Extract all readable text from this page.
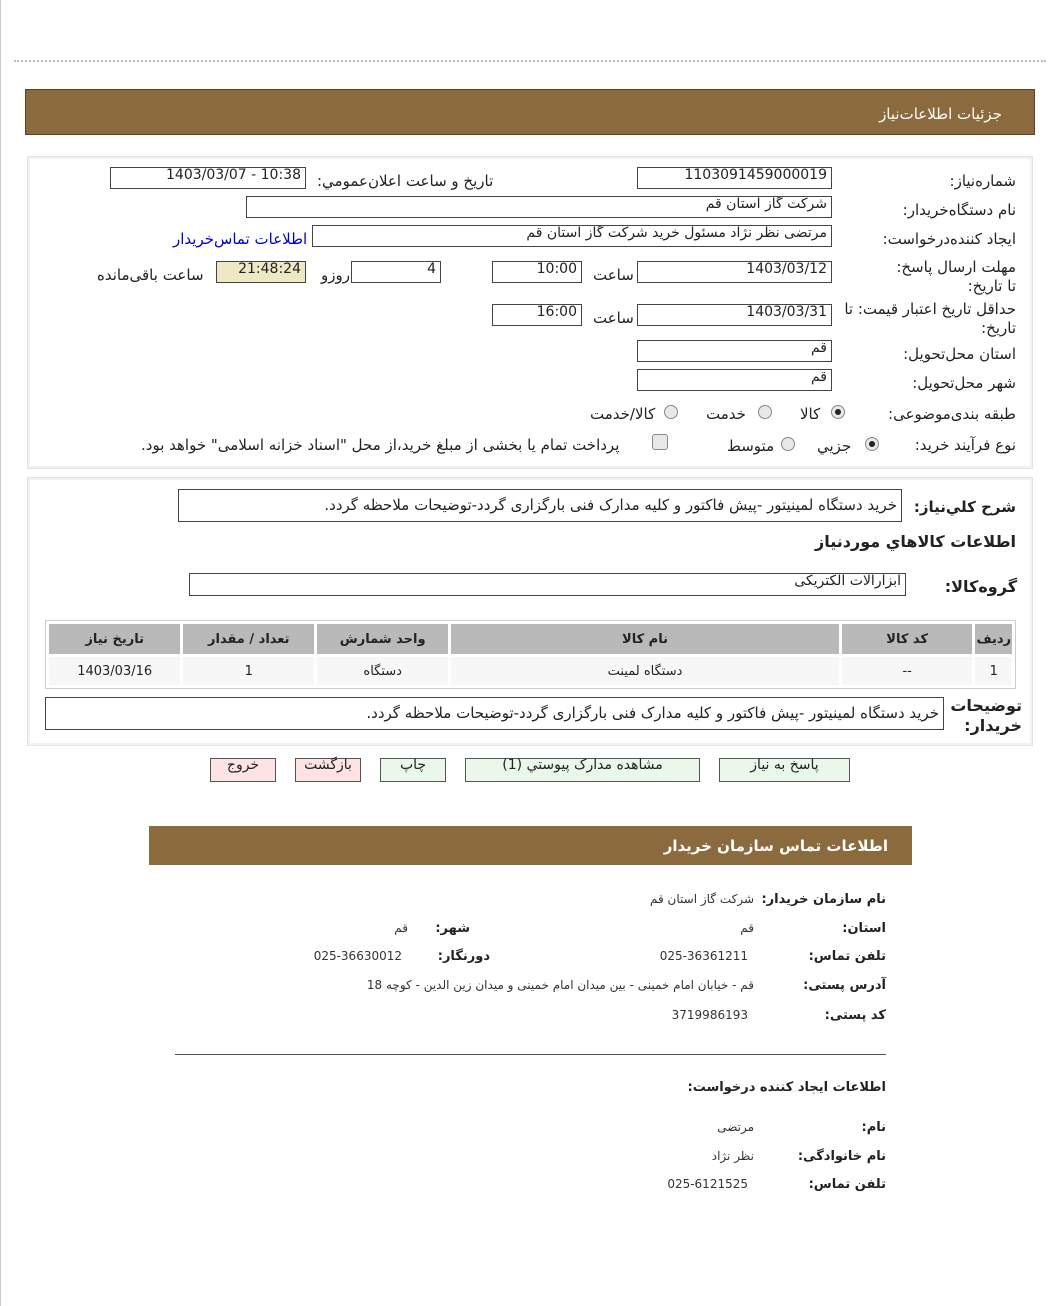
جزئیات اطلاعات‌نیاز
شماره‌نیاز:
1103091459000019
تاريخ و ساعت اعلان‌عمومي:
1403/03/07 - 10:38
نام دستگاه‌خريدار:
شرکت گاز استان قم
ایجاد کننده‌درخواست:
مرتضی نظر نژاد مسئول خرید شرکت گاز استان قم
اطلاعات تماس‌خريدار
مهلت ارسال پاسخ: تا تاریخ:
1403/03/12
ساعت
10:00
4
روزو
21:48:24
ساعت باقی‌مانده
حداقل تاریخ اعتبار قیمت: تا تاریخ:
1403/03/31
ساعت
16:00
استان محل‌تحویل:
قم
شهر محل‌تحویل:
قم
طبقه بندی‌موضوعی:
کالا
خدمت
کالا/خدمت
نوع فرآیند خرید:
جزيي
متوسط
پرداخت تمام یا بخشی از مبلغ خرید،از محل "اسناد خزانه اسلامی" خواهد بود.
شرح کلي‌نياز:
خرید دستگاه لمینیتور -پیش فاکتور و کلیه مدارک فنی بارگزاری گردد-توضیحات ملاحظه گردد.
اطلاعات کالاهاي موردنياز
گروه‌کالا:
ابزارالات الکتریکی
رديف	کد کالا	نام کالا	واحد شمارش	تعداد / مقدار	تاريخ نياز
1	--	دستگاه لمینت	دستگاه	1	1403/03/16
توضیحات خریدار:
خرید دستگاه لمینیتور -پیش فاکتور و کلیه مدارک فنی بارگزاری گردد-توضیحات ملاحظه گردد.
پاسخ به نياز
مشاهده مدارک پيوستي (1)
چاپ
بازگشت
خروج
اطلاعات تماس سازمان خریدار
نام سازمان خریدار:
شرکت گاز استان قم
استان:
قم
شهر:
قم
تلفن تماس:
025-36361211
دورنگار:
025-36630012
آدرس پستی:
قم - خیابان امام خمینی - بین میدان امام خمینی و میدان زین الدین - کوچه 18
کد پستی:
3719986193
اطلاعات ایجاد کننده درخواست:
نام:
مرتضی
نام خانوادگی:
نظر نژاد
تلفن تماس:
025-6121525
